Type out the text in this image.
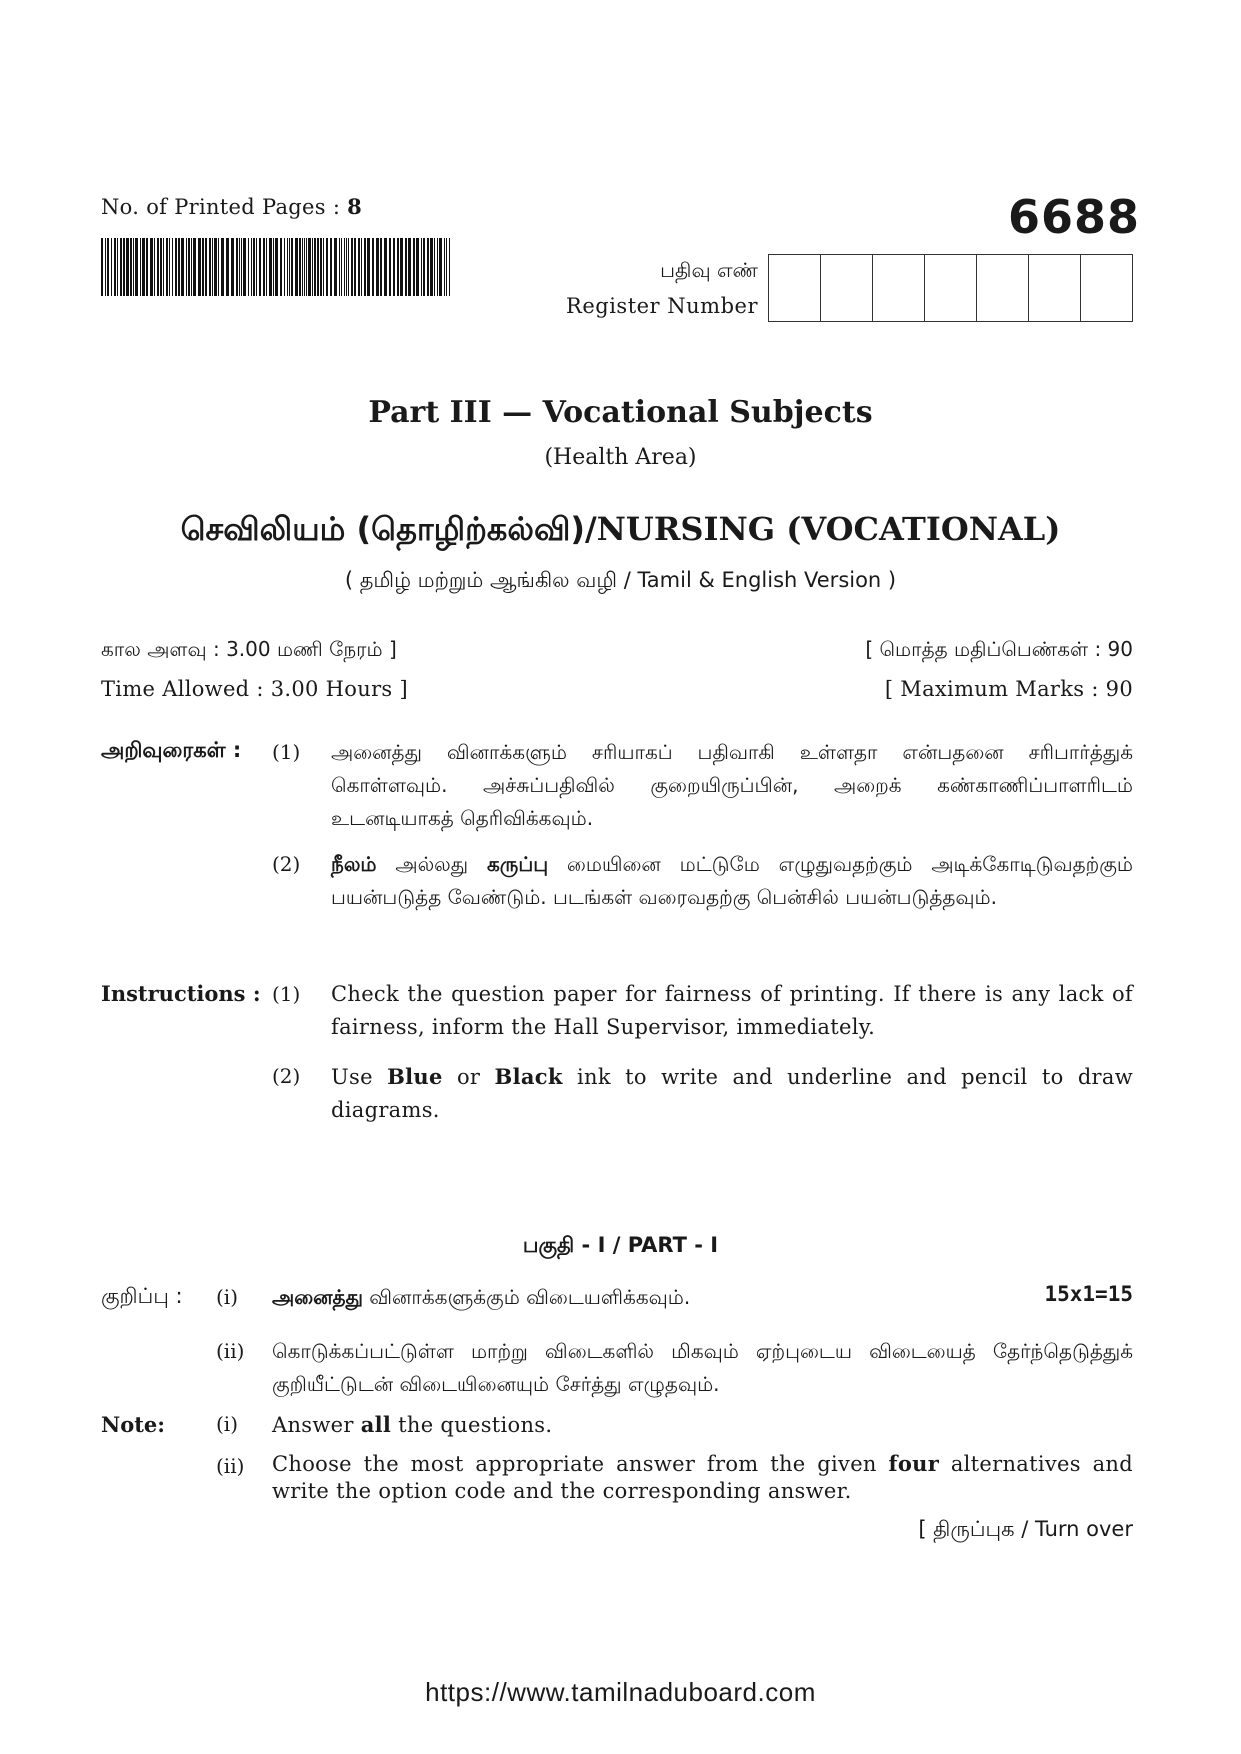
No. of Printed Pages : 8	6688
பதிவு எண்
Register Number
Part III — Vocational Subjects
(Health Area)
செவிலியம் (தொழிற்கல்வி)/NURSING (VOCATIONAL)
( தமிழ் மற்றும் ஆங்கில வழி / Tamil & English Version )
கால அளவு : 3.00 மணி நேரம் ]	[ மொத்த மதிப்பெண்கள் : 90
Time Allowed : 3.00 Hours ]	[ Maximum Marks : 90
அறிவுரைகள் : (1) அனைத்து வினாக்களும் சரியாகப் பதிவாகி உள்ளதா என்பதனை சரிபார்த்துக் கொள்ளவும். அச்சுப்பதிவில் குறையிருப்பின், அறைக் கண்காணிப்பாளரிடம் உடனடியாகத் தெரிவிக்கவும்.
(2) நீலம் அல்லது கருப்பு மையினை மட்டுமே எழுதுவதற்கும் அடிக்கோடிடுவதற்கும் பயன்படுத்த வேண்டும். படங்கள் வரைவதற்கு பென்சில் பயன்படுத்தவும்.
Instructions : (1) Check the question paper for fairness of printing. If there is any lack of fairness, inform the Hall Supervisor, immediately.
(2) Use Blue or Black ink to write and underline and pencil to draw diagrams.
பகுதி - I / PART - I
குறிப்பு : (i) அனைத்து வினாக்களுக்கும் விடையளிக்கவும்.	15x1=15
(ii) கொடுக்கப்பட்டுள்ள மாற்று விடைகளில் மிகவும் ஏற்புடைய விடையைத் தேர்ந்தெடுத்துக் குறியீட்டுடன் விடையினையும் சேர்த்து எழுதவும்.
Note:	(i) Answer all the questions.
(ii) Choose the most appropriate answer from the given four alternatives and write the option code and the corresponding answer.
[ திருப்புக / Turn over
https://www.tamilnaduboard.com
